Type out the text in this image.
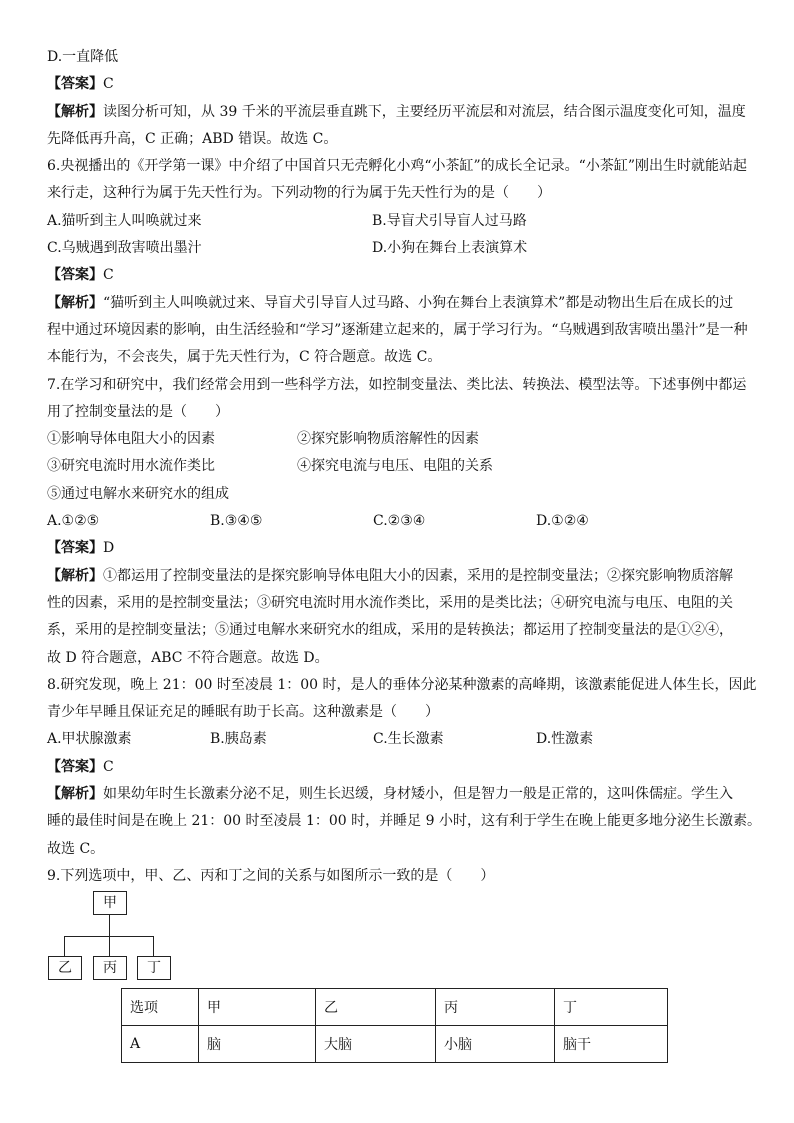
D.一直降低
【答案】C
【解析】读图分析可知，从 39 千米的平流层垂直跳下，主要经历平流层和对流层，结合图示温度变化可知，温度
先降低再升高，C 正确；ABD 错误。故选 C。
6.央视播出的《开学第一课》中介绍了中国首只无壳孵化小鸡“小茶缸”的成长全记录。“小茶缸”刚出生时就能站起
来行走，这种行为属于先天性行为。下列动物的行为属于先天性行为的是（　　）
A.猫听到主人叫唤就过来	B.导盲犬引导盲人过马路
C.乌贼遇到敌害喷出墨汁	D.小狗在舞台上表演算术
【答案】C
【解析】“猫听到主人叫唤就过来、导盲犬引导盲人过马路、小狗在舞台上表演算术”都是动物出生后在成长的过
程中通过环境因素的影响，由生活经验和“学习”逐渐建立起来的，属于学习行为。“乌贼遇到敌害喷出墨汁”是一种
本能行为，不会丧失，属于先天性行为，C 符合题意。故选 C。
7.在学习和研究中，我们经常会用到一些科学方法，如控制变量法、类比法、转换法、模型法等。下述事例中都运
用了控制变量法的是（　　）
①影响导体电阻大小的因素	②探究影响物质溶解性的因素
③研究电流时用水流作类比	④探究电流与电压、电阻的关系
⑤通过电解水来研究水的组成
A.①②⑤	B.③④⑤	C.②③④	D.①②④
【答案】D
【解析】①都运用了控制变量法的是探究影响导体电阻大小的因素，采用的是控制变量法；②探究影响物质溶解
性的因素，采用的是控制变量法；③研究电流时用水流作类比，采用的是类比法；④研究电流与电压、电阻的关
系，采用的是控制变量法；⑤通过电解水来研究水的组成，采用的是转换法；都运用了控制变量法的是①②④，
故 D 符合题意，ABC 不符合题意。故选 D。
8.研究发现，晚上 21：00 时至凌晨 1：00 时，是人的垂体分泌某种激素的高峰期，该激素能促进人体生长，因此
青少年早睡且保证充足的睡眠有助于长高。这种激素是（　　）
A.甲状腺激素	B.胰岛素	C.生长激素	D.性激素
【答案】C
【解析】如果幼年时生长激素分泌不足，则生长迟缓，身材矮小，但是智力一般是正常的，这叫侏儒症。学生入
睡的最佳时间是在晚上 21：00 时至凌晨 1：00 时，并睡足 9 小时，这有利于学生在晚上能更多地分泌生长激素。
故选 C。
9.下列选项中，甲、乙、丙和丁之间的关系与如图所示一致的是（　　）
甲
乙	丙	丁
选项	甲	乙	丙	丁
A	脑	大脑	小脑	脑干
